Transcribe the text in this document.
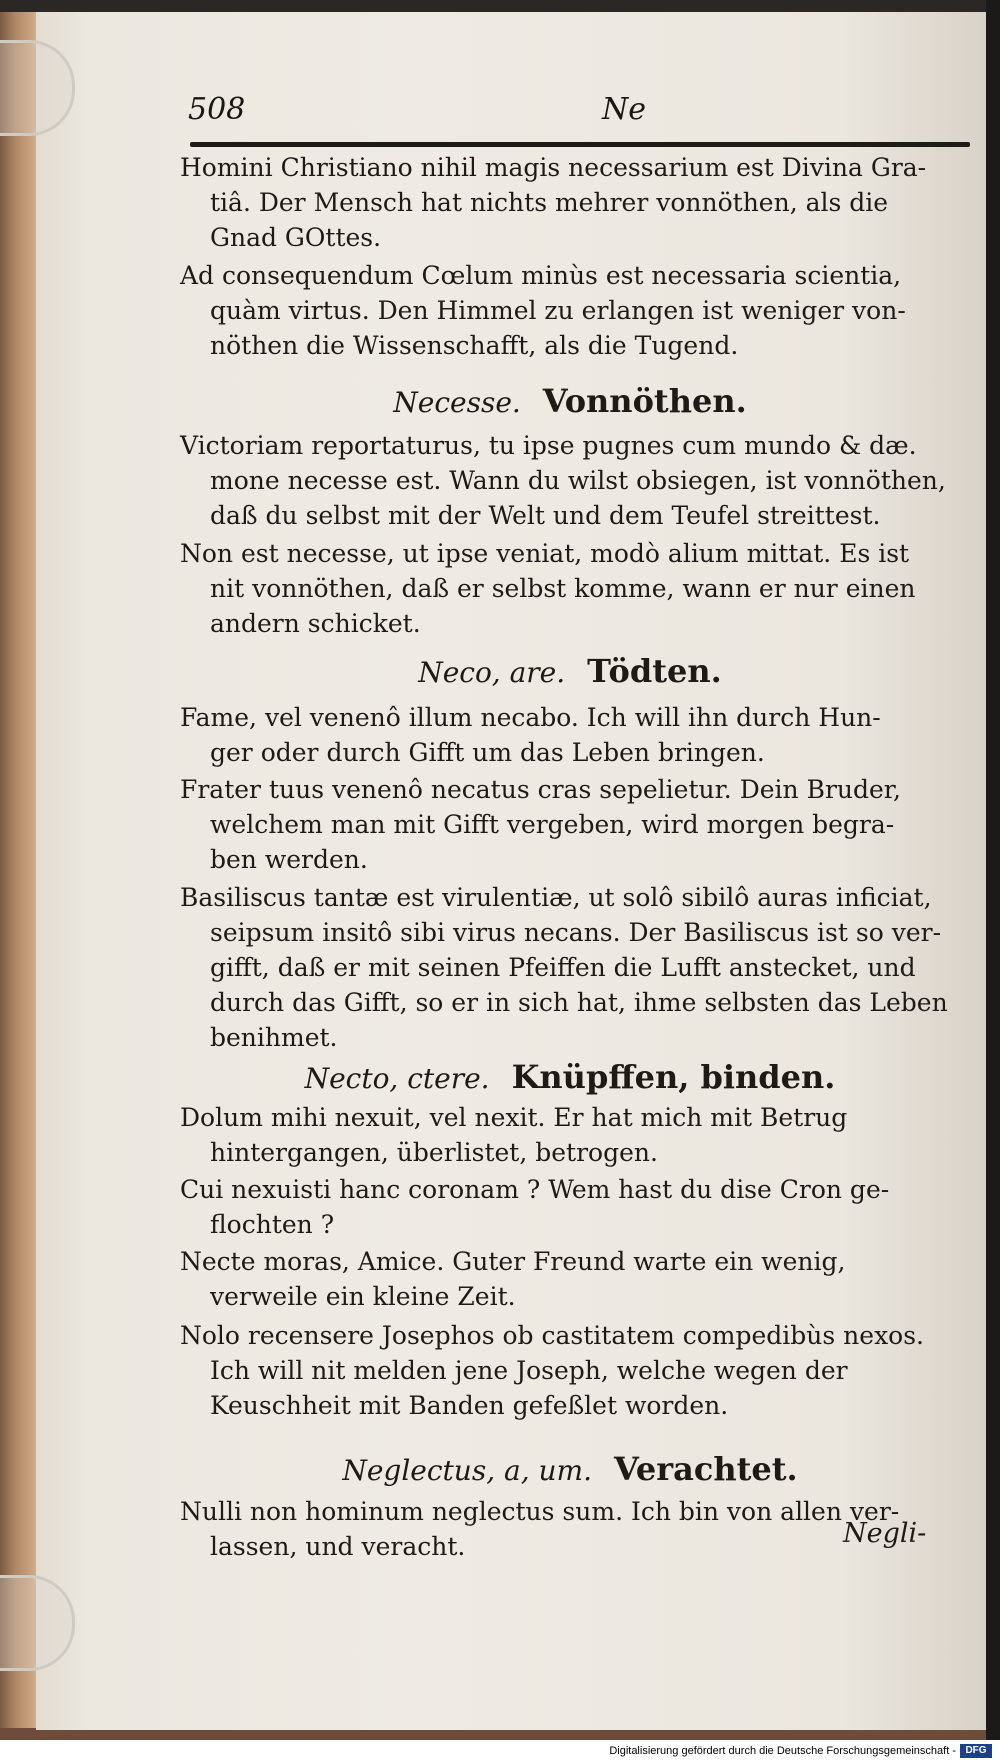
508	Ne
Homini Christiano nihil magis necessarium est Divina Gra-
tiâ. Der Mensch hat nichts mehrer vonnöthen, als die
Gnad GOttes.
Ad consequendum Cœlum minùs est necessaria scientia,
quàm virtus. Den Himmel zu erlangen ist weniger von-
nöthen die Wissenschafft, als die Tugend.
Necesse. Vonnöthen.
Victoriam reportaturus, tu ipse pugnes cum mundo & dæ.
mone necesse est. Wann du wilst obsiegen, ist vonnöthen,
daß du selbst mit der Welt und dem Teufel streittest.
Non est necesse, ut ipse veniat, modò alium mittat. Es ist
nit vonnöthen, daß er selbst komme, wann er nur einen
andern schicket.
Neco, are. Tödten.
Fame, vel venenô illum necabo. Ich will ihn durch Hun-
ger oder durch Gifft um das Leben bringen.
Frater tuus venenô necatus cras sepelietur. Dein Bruder,
welchem man mit Gifft vergeben, wird morgen begra-
ben werden.
Basiliscus tantæ est virulentiæ, ut solô sibilô auras inficiat,
seipsum insitô sibi virus necans. Der Basiliscus ist so ver-
gifft, daß er mit seinen Pfeiffen die Lufft anstecket, und
durch das Gifft, so er in sich hat, ihme selbsten das Leben
benihmet.
Necto, ctere. Knüpffen, binden.
Dolum mihi nexuit, vel nexit. Er hat mich mit Betrug
hintergangen, überlistet, betrogen.
Cui nexuisti hanc coronam ? Wem hast du dise Cron ge-
flochten ?
Necte moras, Amice. Guter Freund warte ein wenig,
verweile ein kleine Zeit.
Nolo recensere Josephos ob castitatem compedibùs nexos.
Ich will nit melden jene Joseph, welche wegen der
Keuschheit mit Banden gefeßlet worden.
Neglectus, a, um. Verachtet.
Nulli non hominum neglectus sum. Ich bin von allen ver-
lassen, und veracht.	Negli-
Digitalisierung gefördert durch die Deutsche Forschungsgemeinschaft - DFG
